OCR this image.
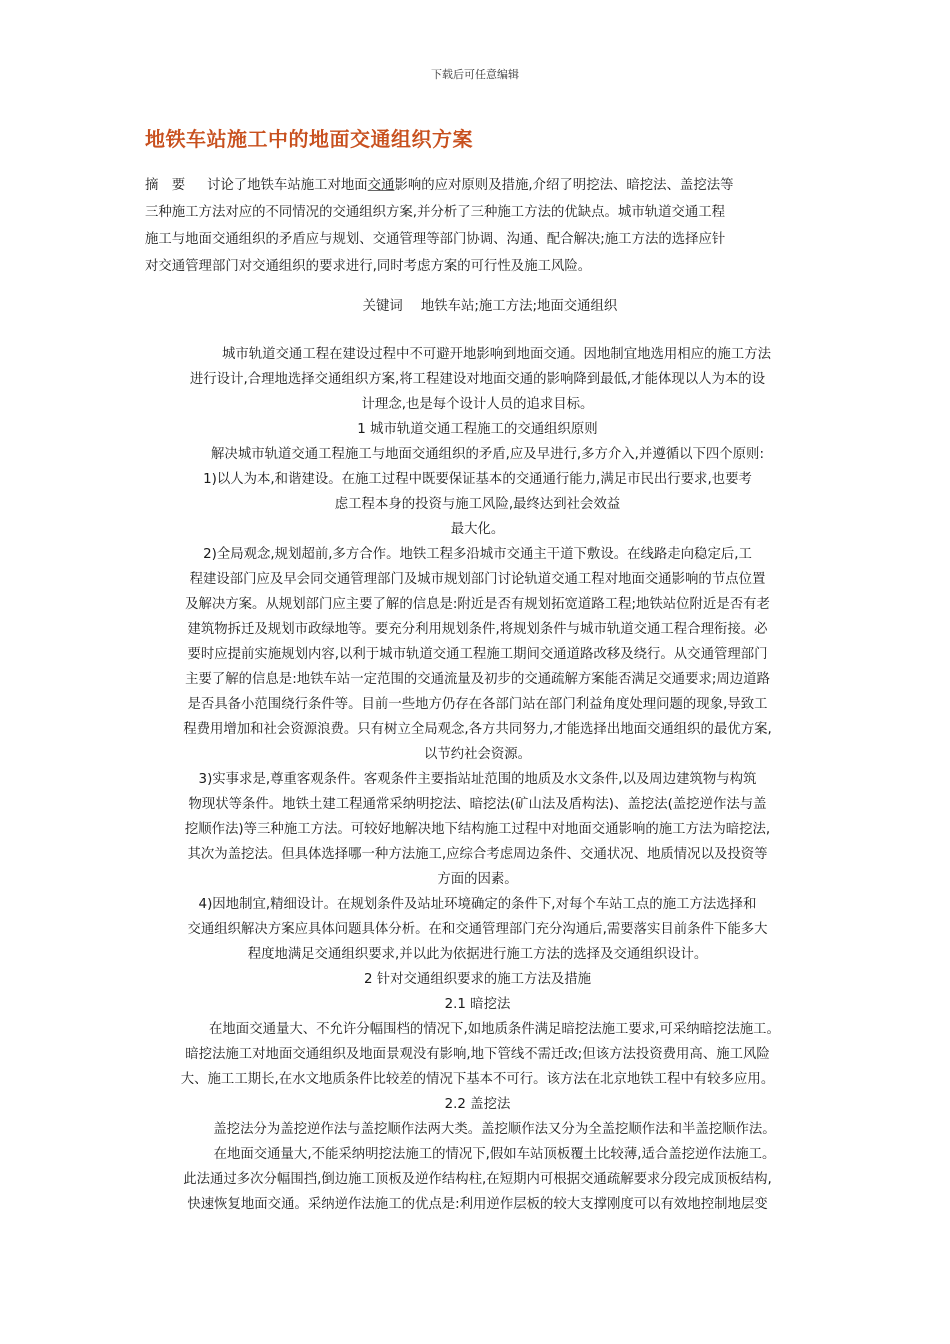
下载后可任意编辑
地铁车站施工中的地面交通组织方案
摘　要 讨论了地铁车站施工对地面交通影响的应对原则及措施,介绍了明挖法、暗挖法、盖挖法等
三种施工方法对应的不同情况的交通组织方案,并分析了三种施工方法的优缺点。城市轨道交通工程
施工与地面交通组织的矛盾应与规划、交通管理等部门协调、沟通、配合解决;施工方法的选择应针
对交通管理部门对交通组织的要求进行,同时考虑方案的可行性及施工风险。
关键词 地铁车站;施工方法;地面交通组织
城市轨道交通工程在建设过程中不可避开地影响到地面交通。因地制宜地选用相应的施工方法
进行设计,合理地选择交通组织方案,将工程建设对地面交通的影响降到最低,才能体现以人为本的设
计理念,也是每个设计人员的追求目标。
1 城市轨道交通工程施工的交通组织原则
解决城市轨道交通工程施工与地面交通组织的矛盾,应及早进行,多方介入,并遵循以下四个原则:
1)以人为本,和谐建设。在施工过程中既要保证基本的交通通行能力,满足市民出行要求,也要考
虑工程本身的投资与施工风险,最终达到社会效益
最大化。
2)全局观念,规划超前,多方合作。地铁工程多沿城市交通主干道下敷设。在线路走向稳定后,工
程建设部门应及早会同交通管理部门及城市规划部门讨论轨道交通工程对地面交通影响的节点位置
及解决方案。从规划部门应主要了解的信息是:附近是否有规划拓宽道路工程;地铁站位附近是否有老
建筑物拆迁及规划市政绿地等。要充分利用规划条件,将规划条件与城市轨道交通工程合理衔接。必
要时应提前实施规划内容,以利于城市轨道交通工程施工期间交通道路改移及绕行。从交通管理部门
主要了解的信息是:地铁车站一定范围的交通流量及初步的交通疏解方案能否满足交通要求;周边道路
是否具备小范围绕行条件等。目前一些地方仍存在各部门站在部门利益角度处理问题的现象,导致工
程费用增加和社会资源浪费。只有树立全局观念,各方共同努力,才能选择出地面交通组织的最优方案,
以节约社会资源。
3)实事求是,尊重客观条件。客观条件主要指站址范围的地质及水文条件,以及周边建筑物与构筑
物现状等条件。地铁土建工程通常采纳明挖法、暗挖法(矿山法及盾构法)、盖挖法(盖挖逆作法与盖
挖顺作法)等三种施工方法。可较好地解决地下结构施工过程中对地面交通影响的施工方法为暗挖法,
其次为盖挖法。但具体选择哪一种方法施工,应综合考虑周边条件、交通状况、地质情况以及投资等
方面的因素。
4)因地制宜,精细设计。在规划条件及站址环境确定的条件下,对每个车站工点的施工方法选择和
交通组织解决方案应具体问题具体分析。在和交通管理部门充分沟通后,需要落实目前条件下能多大
程度地满足交通组织要求,并以此为依据进行施工方法的选择及交通组织设计。
2 针对交通组织要求的施工方法及措施
2.1 暗挖法
在地面交通量大、不允许分幅围档的情况下,如地质条件满足暗挖法施工要求,可采纳暗挖法施工。
暗挖法施工对地面交通组织及地面景观没有影响,地下管线不需迁改;但该方法投资费用高、施工风险
大、施工工期长,在水文地质条件比较差的情况下基本不可行。该方法在北京地铁工程中有较多应用。
2.2 盖挖法
盖挖法分为盖挖逆作法与盖挖顺作法两大类。盖挖顺作法又分为全盖挖顺作法和半盖挖顺作法。
在地面交通量大,不能采纳明挖法施工的情况下,假如车站顶板覆土比较薄,适合盖挖逆作法施工。
此法通过多次分幅围挡,倒边施工顶板及逆作结构柱,在短期内可根据交通疏解要求分段完成顶板结构,
快速恢复地面交通。采纳逆作法施工的优点是:利用逆作层板的较大支撑刚度可以有效地控制地层变
